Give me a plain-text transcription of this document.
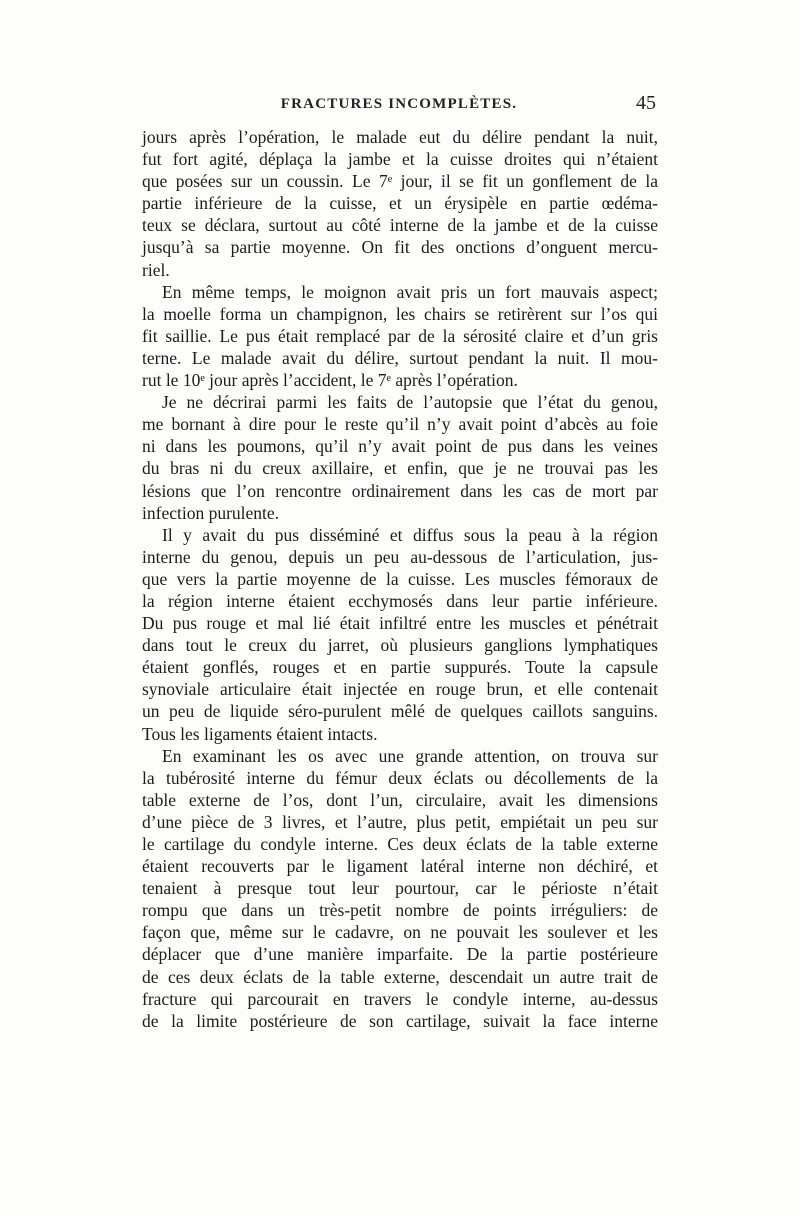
FRACTURES INCOMPLÈTES.	45
jours après l’opération, le malade eut du délire pendant la nuit,
fut fort agité, déplaça la jambe et la cuisse droites qui n’étaient
que posées sur un coussin. Le 7ᵉ jour, il se fit un gonflement de la
partie inférieure de la cuisse, et un érysipèle en partie œdéma-
teux se déclara, surtout au côté interne de la jambe et de la cuisse
jusqu’à sa partie moyenne. On fit des onctions d’onguent mercu-
riel.
En même temps, le moignon avait pris un fort mauvais aspect;
la moelle forma un champignon, les chairs se retirèrent sur l’os qui
fit saillie. Le pus était remplacé par de la sérosité claire et d’un gris
terne. Le malade avait du délire, surtout pendant la nuit. Il mou-
rut le 10ᵉ jour après l’accident, le 7ᵉ après l’opération.
Je ne décrirai parmi les faits de l’autopsie que l’état du genou,
me bornant à dire pour le reste qu’il n’y avait point d’abcès au foie
ni dans les poumons, qu’il n’y avait point de pus dans les veines
du bras ni du creux axillaire, et enfin, que je ne trouvai pas les
lésions que l’on rencontre ordinairement dans les cas de mort par
infection purulente.
Il y avait du pus disséminé et diffus sous la peau à la région
interne du genou, depuis un peu au-dessous de l’articulation, jus-
que vers la partie moyenne de la cuisse. Les muscles fémoraux de
la région interne étaient ecchymosés dans leur partie inférieure.
Du pus rouge et mal lié était infiltré entre les muscles et pénétrait
dans tout le creux du jarret, où plusieurs ganglions lymphatiques
étaient gonflés, rouges et en partie suppurés. Toute la capsule
synoviale articulaire était injectée en rouge brun, et elle contenait
un peu de liquide séro-purulent mêlé de quelques caillots sanguins.
Tous les ligaments étaient intacts.
En examinant les os avec une grande attention, on trouva sur
la tubérosité interne du fémur deux éclats ou décollements de la
table externe de l’os, dont l’un, circulaire, avait les dimensions
d’une pièce de 3 livres, et l’autre, plus petit, empiétait un peu sur
le cartilage du condyle interne. Ces deux éclats de la table externe
étaient recouverts par le ligament latéral interne non déchiré, et
tenaient à presque tout leur pourtour, car le périoste n’était
rompu que dans un très-petit nombre de points irréguliers: de
façon que, même sur le cadavre, on ne pouvait les soulever et les
déplacer que d’une manière imparfaite. De la partie postérieure
de ces deux éclats de la table externe, descendait un autre trait de
fracture qui parcourait en travers le condyle interne, au-dessus
de la limite postérieure de son cartilage, suivait la face interne
